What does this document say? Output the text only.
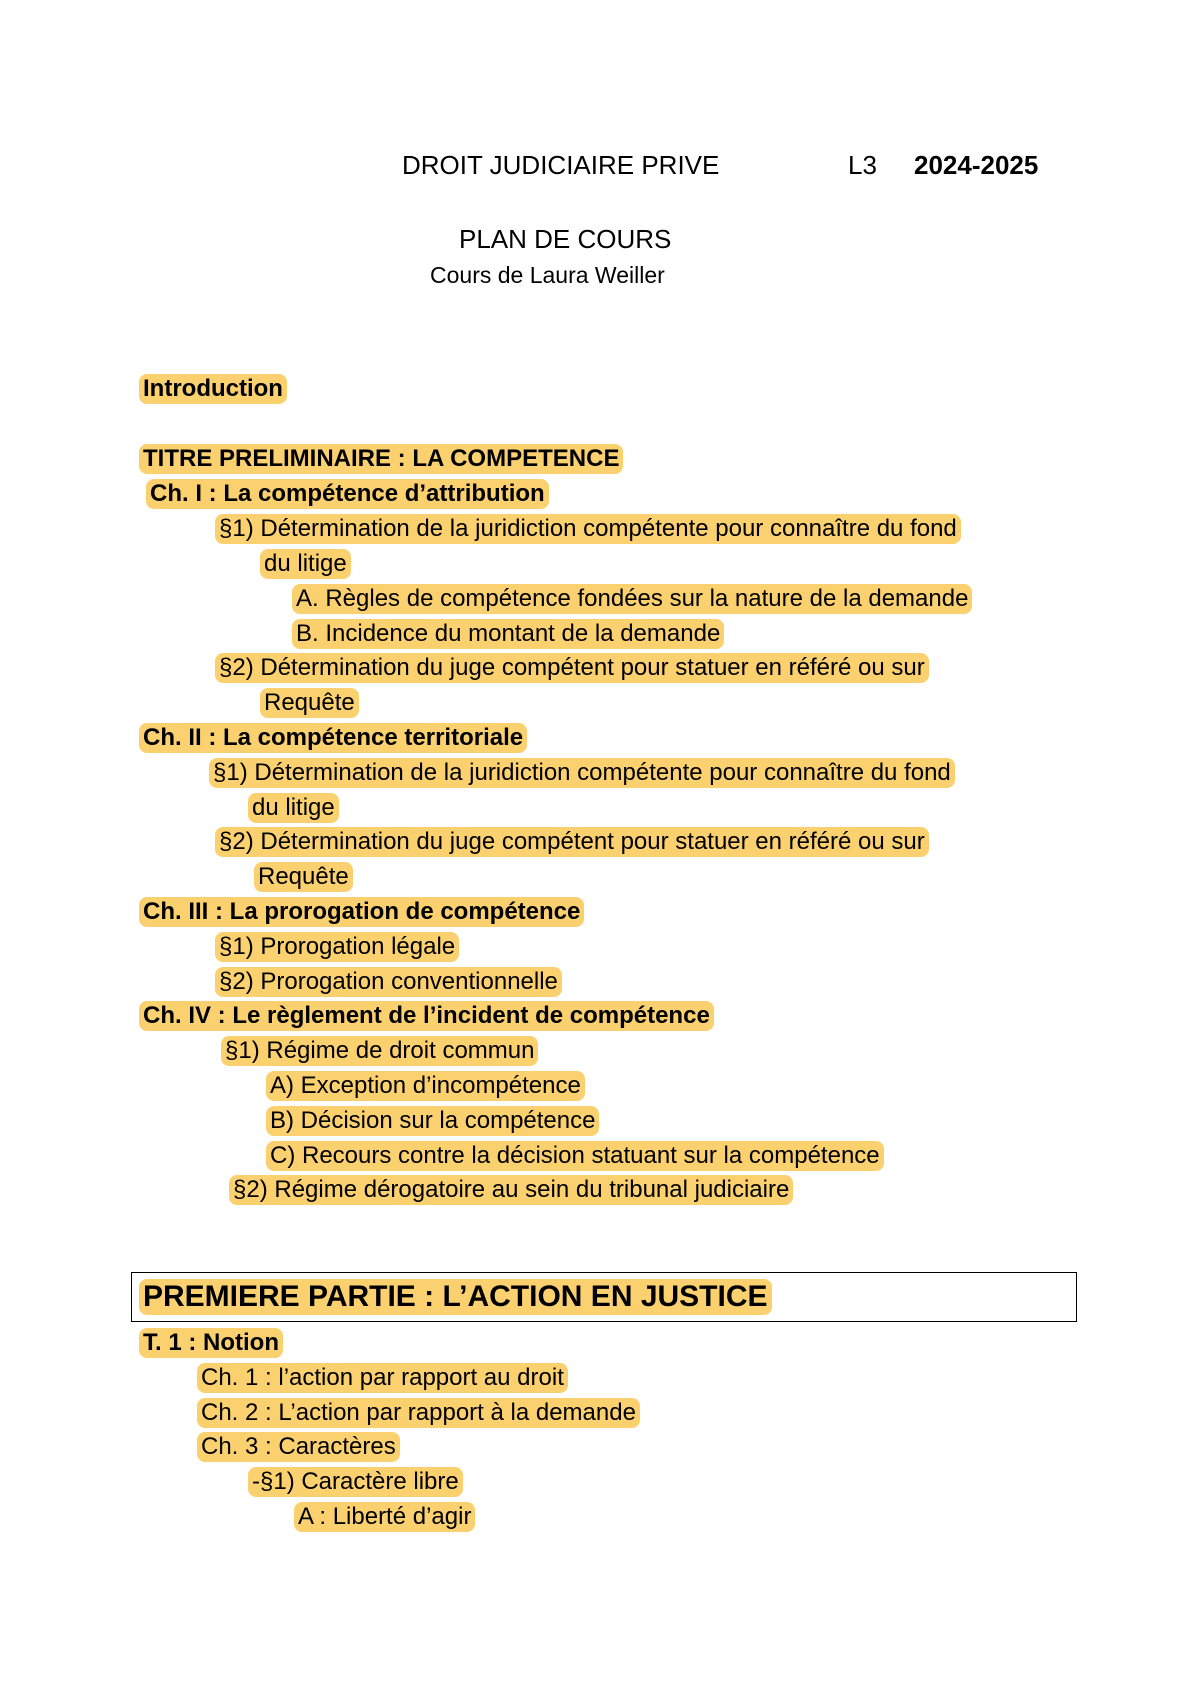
DROIT JUDICIAIRE PRIVE	L3 2024-2025
PLAN DE COURS
Cours de Laura Weiller
Introduction
TITRE PRELIMINAIRE : LA COMPETENCE
Ch. I : La compétence d’attribution
§1) Détermination de la juridiction compétente pour connaître du fond
du litige
A. Règles de compétence fondées sur la nature de la demande
B. Incidence du montant de la demande
§2) Détermination du juge compétent pour statuer en référé ou sur
Requête
Ch. II : La compétence territoriale
§1) Détermination de la juridiction compétente pour connaître du fond
du litige
§2) Détermination du juge compétent pour statuer en référé ou sur
Requête
Ch. III : La prorogation de compétence
§1) Prorogation légale
§2) Prorogation conventionnelle
Ch. IV : Le règlement de l’incident de compétence
§1) Régime de droit commun
A) Exception d’incompétence
B) Décision sur la compétence
C) Recours contre la décision statuant sur la compétence
§2) Régime dérogatoire au sein du tribunal judiciaire
PREMIERE PARTIE : L’ACTION EN JUSTICE
T. 1 : Notion
Ch. 1 : l’action par rapport au droit
Ch. 2 : L’action par rapport à la demande
Ch. 3 : Caractères
-§1) Caractère libre
A : Liberté d’agir
